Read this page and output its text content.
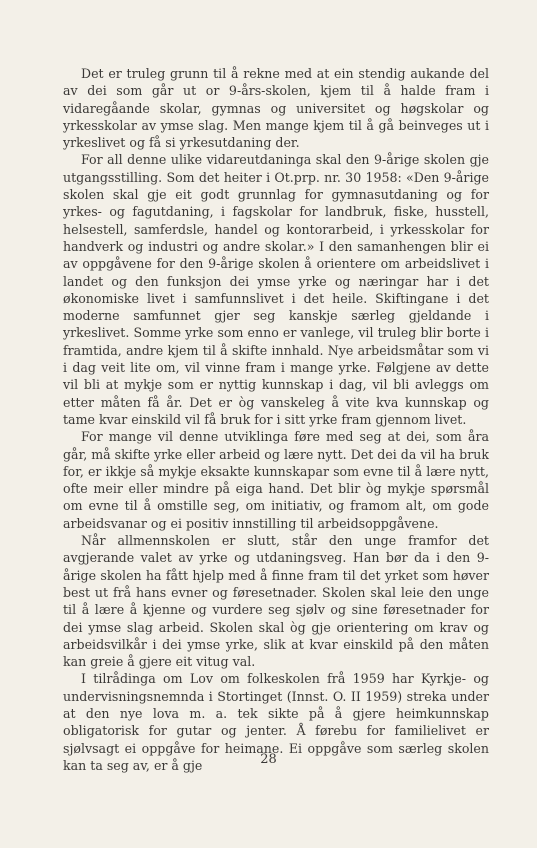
Det er truleg grunn til å rekne med at ein stendig aukande del av dei som går ut or 9-års-skolen, kjem til å halde fram i vidaregåande skolar, gymnas og universitet og høgskolar og yrkesskolar av ymse slag. Men mange kjem til å gå beinveges ut i yrkeslivet og få si yrkesutdaning der.

For all denne ulike vidareutdaninga skal den 9-årige skolen gje utgangsstilling. Som det heiter i Ot.prp. nr. 30 1958: «Den 9-årige skolen skal gje eit godt grunnlag for gymnasutdaning og for yrkes- og fagutdaning, i fagskolar for landbruk, fiske, husstell, helsestell, samferdsle, handel og kontorarbeid, i yrkesskolar for handverk og industri og andre skolar.» I den samanhengen blir ei av oppgåvene for den 9-årige skolen å orientere om arbeidslivet i landet og den funksjon dei ymse yrke og næringar har i det økonomiske livet i samfunnslivet i det heile. Skiftingane i det moderne samfunnet gjer seg kanskje særleg gjeldande i yrkeslivet. Somme yrke som enno er vanlege, vil truleg blir borte i framtida, andre kjem til å skifte innhald. Nye arbeidsmåtar som vi i dag veit lite om, vil vinne fram i mange yrke. Følgjene av dette vil bli at mykje som er nyttig kunnskap i dag, vil bli avleggs om etter måten få år. Det er òg vanskeleg å vite kva kunnskap og tame kvar einskild vil få bruk for i sitt yrke fram gjennom livet.

For mange vil denne utviklinga føre med seg at dei, som åra går, må skifte yrke eller arbeid og lære nytt. Det dei da vil ha bruk for, er ikkje så mykje eksakte kunnskapar som evne til å lære nytt, ofte meir eller mindre på eiga hand. Det blir òg mykje spørsmål om evne til å omstille seg, om initiativ, og framom alt, om gode arbeidsvanar og ei positiv innstilling til arbeidsoppgåvene.

Når allmennskolen er slutt, står den unge framfor det avgjerande valet av yrke og utdaningsveg. Han bør da i den 9-årige skolen ha fått hjelp med å finne fram til det yrket som høver best ut frå hans evner og føresetnader. Skolen skal leie den unge til å lære å kjenne og vurdere seg sjølv og sine føresetnader for dei ymse slag arbeid. Skolen skal òg gje orientering om krav og arbeidsvilkår i dei ymse yrke, slik at kvar einskild på den måten kan greie å gjere eit vitug val.

I tilrådinga om Lov om folkeskolen frå 1959 har Kyrkje- og undervisningsnemnda i Stortinget (Innst. O. II 1959) streka under at den nye lova m. a. tek sikte på å gjere heimkunnskap obligatorisk for gutar og jenter. Å førebu for familielivet er sjølvsagt ei oppgåve for heimane. Ei oppgåve som særleg skolen kan ta seg av, er å gje	28
